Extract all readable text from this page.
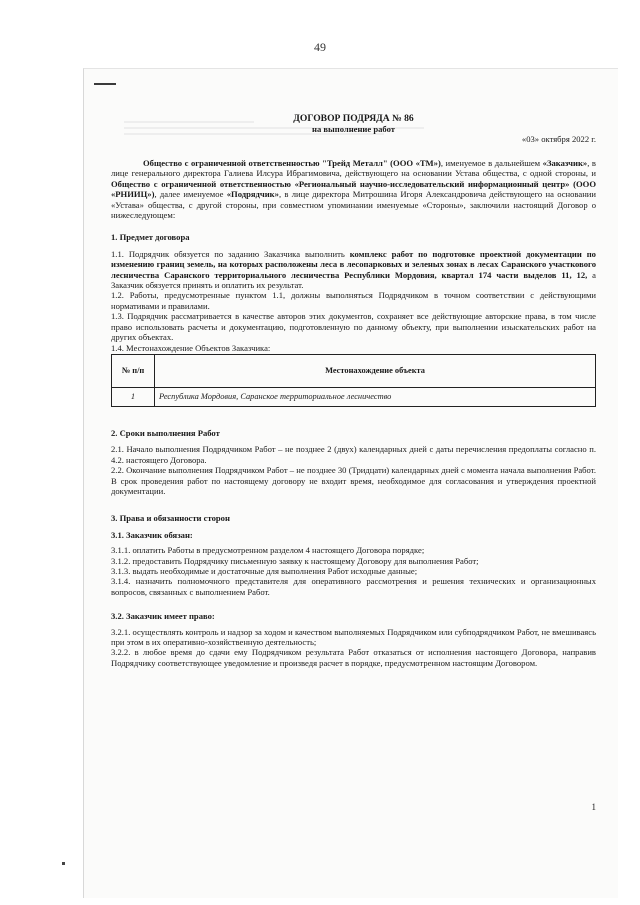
49
ДОГОВОР ПОДРЯДА № 86
на выполнение работ
«03» октября 2022 г.

Общество с ограниченной ответственностью "Трейд Металл" (ООО «ТМ»), именуемое в дальнейшем «Заказчик», в лице генерального директора Галиева Илсура Ибрагимовича, действующего на основании Устава общества, с одной стороны, и Общество с ограниченной ответственностью «Региональный научно-исследовательский информационный центр» (ООО «РНИИЦ»), далее именуемое «Подрядчик», в лице директора Митрошина Игоря Александровича действующего на основании «Устава» общества, с другой стороны, при совместном упоминании именуемые «Стороны», заключили настоящий Договор о нижеследующем:

1. Предмет договора

1.1. Подрядчик обязуется по заданию Заказчика выполнить комплекс работ по подготовке проектной документации по изменению границ земель, на которых расположены леса в лесопарковых и зеленых зонах в лесах Саранского участкового лесничества Саранского территориального лесничества Республики Мордовия, квартал 174 части выделов 11, 12, а Заказчик обязуется принять и оплатить их результат.

1.2. Работы, предусмотренные пунктом 1.1, должны выполняться Подрядчиком в точном соответствии с действующими нормативами и правилами.

1.3. Подрядчик рассматривается в качестве авторов этих документов, сохраняет все действующие авторские права, в том числе право использовать расчеты и документацию, подготовленную по данному объекту, при выполнении изыскательских работ на других объектах.

1.4. Местонахождение Объектов Заказчика:

№ п/п	Местонахождение объекта
1	Республика Мордовия, Саранское территориальное лесничество
2. Сроки выполнения Работ

2.1. Начало выполнения Подрядчиком Работ – не позднее 2 (двух) календарных дней с даты перечисления предоплаты согласно п. 4.2. настоящего Договора.

2.2. Окончание выполнения Подрядчиком Работ – не позднее 30 (Тридцати) календарных дней с момента начала выполнения Работ. В срок проведения работ по настоящему договору не входит время, необходимое для согласования и утверждения проектной документации.

3. Права и обязанности сторон
3.1. Заказчик обязан:

3.1.1. оплатить Работы в предусмотренном разделом 4 настоящего Договора порядке;

3.1.2. предоставить Подрядчику письменную заявку к настоящему Договору для выполнения Работ;

3.1.3. выдать необходимые и достаточные для выполнения Работ исходные данные;

3.1.4. назначить полномочного представителя для оперативного рассмотрения и решения технических и организационных вопросов, связанных с выполнением Работ.

3.2. Заказчик имеет право:

3.2.1. осуществлять контроль и надзор за ходом и качеством выполняемых Подрядчиком или субподрядчиком Работ, не вмешиваясь при этом в их оперативно-хозяйственную деятельность;

3.2.2. в любое время до сдачи ему Подрядчиком результата Работ отказаться от исполнения настоящего Договора, направив Подрядчику соответствующее уведомление и произведя расчет в порядке, предусмотренном настоящим Договором.

1
